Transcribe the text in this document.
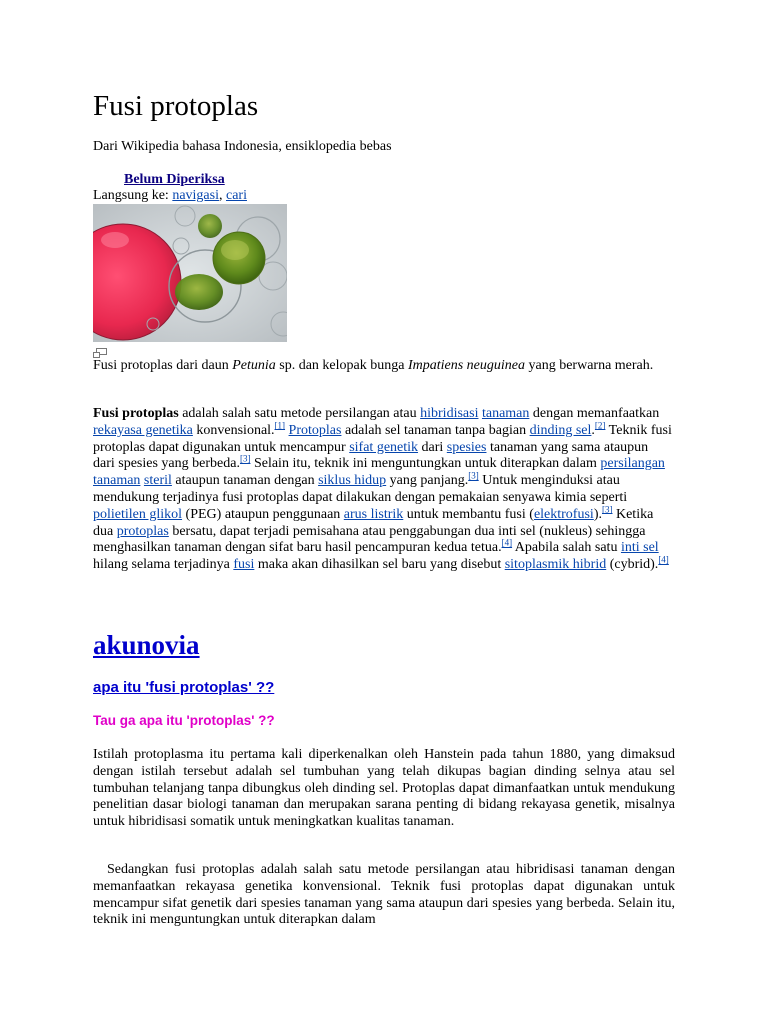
Fusi protoplas
Dari Wikipedia bahasa Indonesia, ensiklopedia bebas
Belum Diperiksa
Langsung ke: navigasi, cari
Fusi protoplas dari daun Petunia sp. dan kelopak bunga Impatiens neuguinea yang berwarna merah.
Fusi protoplas adalah salah satu metode persilangan atau hibridisasi tanaman dengan memanfaatkan rekayasa genetika konvensional.[1] Protoplas adalah sel tanaman tanpa bagian dinding sel.[2] Teknik fusi protoplas dapat digunakan untuk mencampur sifat genetik dari spesies tanaman yang sama ataupun dari spesies yang berbeda.[3] Selain itu, teknik ini menguntungkan untuk diterapkan dalam persilangan tanaman steril ataupun tanaman dengan siklus hidup yang panjang.[3] Untuk menginduksi atau mendukung terjadinya fusi protoplas dapat dilakukan dengan pemakaian senyawa kimia seperti polietilen glikol (PEG) ataupun penggunaan arus listrik untuk membantu fusi (elektrofusi).[3] Ketika dua protoplas bersatu, dapat terjadi pemisahana atau penggabungan dua inti sel (nukleus) sehingga menghasilkan tanaman dengan sifat baru hasil pencampuran kedua tetua.[4] Apabila salah satu inti sel hilang selama terjadinya fusi maka akan dihasilkan sel baru yang disebut sitoplasmik hibrid (cybrid).[4]
akunovia
apa itu 'fusi protoplas' ??
Tau ga apa itu 'protoplas' ??
Istilah protoplasma itu pertama kali diperkenalkan oleh Hanstein pada tahun 1880, yang dimaksud dengan istilah tersebut adalah sel tumbuhan yang telah dikupas bagian dinding selnya atau sel tumbuhan telanjang tanpa dibungkus oleh dinding sel. Protoplas dapat dimanfaatkan untuk mendukung penelitian dasar biologi tanaman dan merupakan sarana penting di bidang rekayasa genetik, misalnya untuk hibridisasi somatik untuk meningkatkan kualitas tanaman.
Sedangkan fusi protoplas adalah salah satu metode persilangan atau hibridisasi tanaman dengan memanfaatkan rekayasa genetika konvensional. Teknik fusi protoplas dapat digunakan untuk mencampur sifat genetik dari spesies tanaman yang sama ataupun dari spesies yang berbeda. Selain itu, teknik ini menguntungkan untuk diterapkan dalam
